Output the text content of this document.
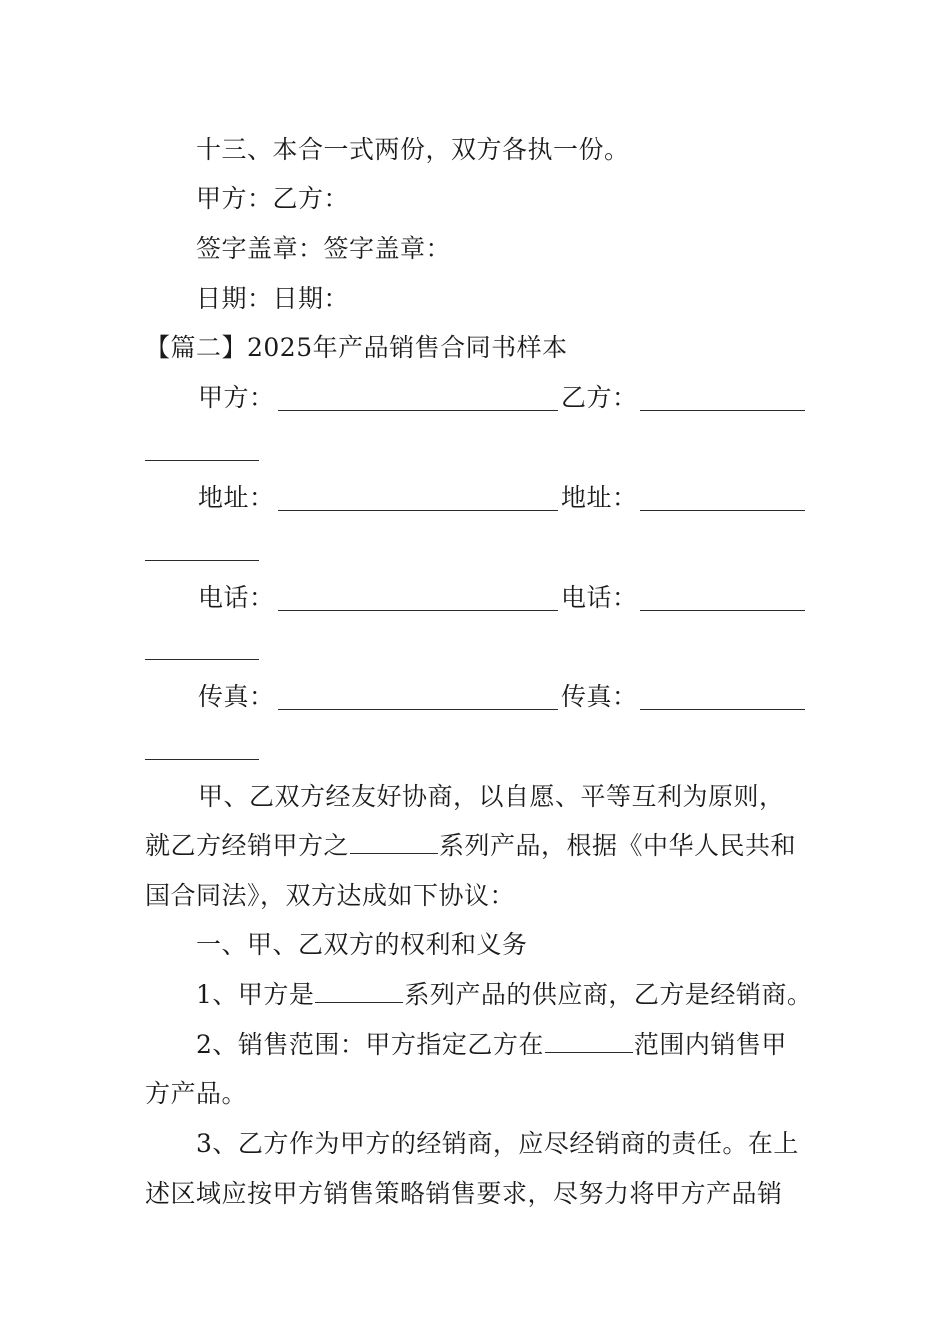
十三、本合一式两份，双方各执一份。
甲方：乙方：
签字盖章：签字盖章：
日期：日期：
【篇二】2025年产品销售合同书样本
甲方：	乙方：
地址：	地址：
电话：	电话：
传真：	传真：
甲、乙双方经友好协商，以自愿、平等互利为原则，
就乙方经销甲方之	系列产品，根据《中华人民共和
国合同法》，双方达成如下协议：
一、甲、乙双方的权利和义务
1、甲方是	系列产品的供应商，乙方是经销商。
2、销售范围：甲方指定乙方在	范围内销售甲
方产品。
3、乙方作为甲方的经销商，应尽经销商的责任。在上
述区域应按甲方销售策略销售要求，尽努力将甲方产品销
